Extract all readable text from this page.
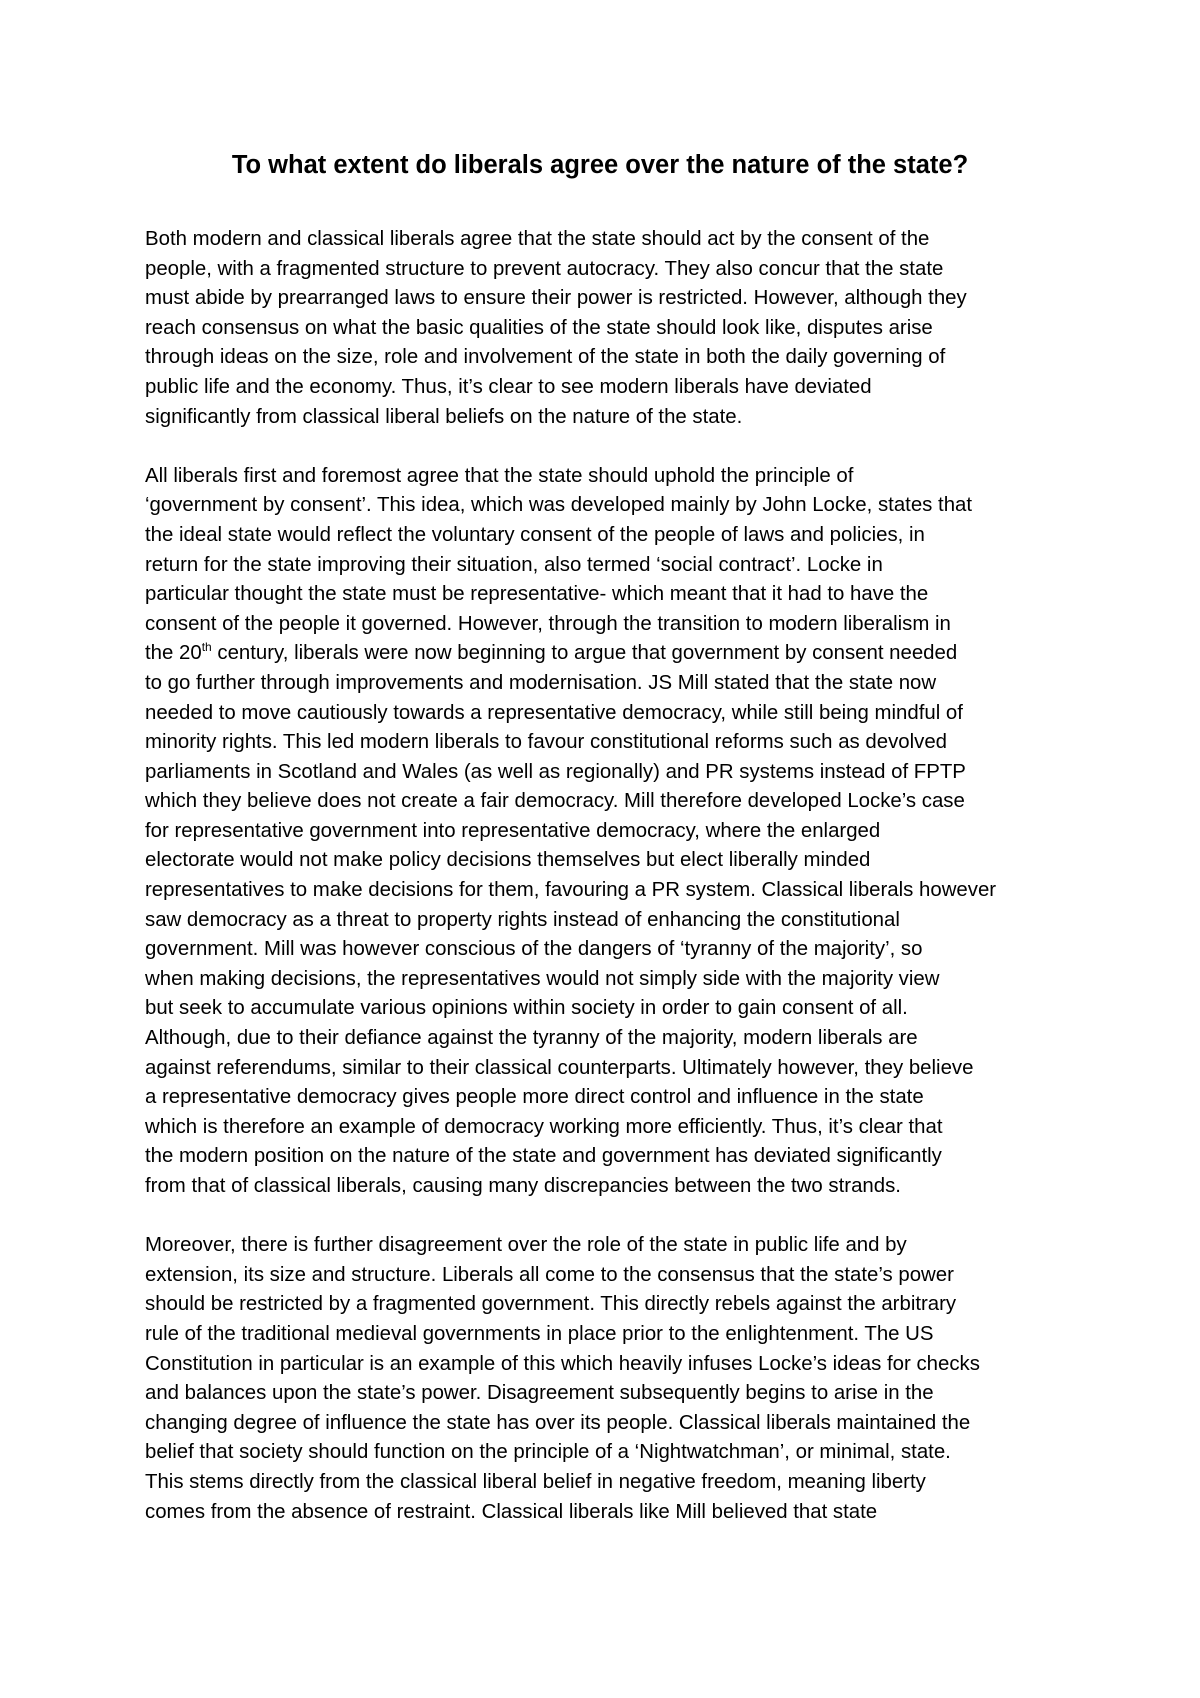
To what extent do liberals agree over the nature of the state?

Both modern and classical liberals agree that the state should act by the consent of the
people, with a fragmented structure to prevent autocracy. They also concur that the state
must abide by prearranged laws to ensure their power is restricted. However, although they
reach consensus on what the basic qualities of the state should look like, disputes arise
through ideas on the size, role and involvement of the state in both the daily governing of
public life and the economy. Thus, it’s clear to see modern liberals have deviated
significantly from classical liberal beliefs on the nature of the state.

All liberals first and foremost agree that the state should uphold the principle of
‘government by consent’. This idea, which was developed mainly by John Locke, states that
the ideal state would reflect the voluntary consent of the people of laws and policies, in
return for the state improving their situation, also termed ‘social contract’. Locke in
particular thought the state must be representative- which meant that it had to have the
consent of the people it governed. However, through the transition to modern liberalism in
the 20th century, liberals were now beginning to argue that government by consent needed
to go further through improvements and modernisation. JS Mill stated that the state now
needed to move cautiously towards a representative democracy, while still being mindful of
minority rights. This led modern liberals to favour constitutional reforms such as devolved
parliaments in Scotland and Wales (as well as regionally) and PR systems instead of FPTP
which they believe does not create a fair democracy. Mill therefore developed Locke’s case
for representative government into representative democracy, where the enlarged
electorate would not make policy decisions themselves but elect liberally minded
representatives to make decisions for them, favouring a PR system. Classical liberals however
saw democracy as a threat to property rights instead of enhancing the constitutional
government. Mill was however conscious of the dangers of ‘tyranny of the majority’, so
when making decisions, the representatives would not simply side with the majority view
but seek to accumulate various opinions within society in order to gain consent of all.
Although, due to their defiance against the tyranny of the majority, modern liberals are
against referendums, similar to their classical counterparts. Ultimately however, they believe
a representative democracy gives people more direct control and influence in the state
which is therefore an example of democracy working more efficiently. Thus, it’s clear that
the modern position on the nature of the state and government has deviated significantly
from that of classical liberals, causing many discrepancies between the two strands.

Moreover, there is further disagreement over the role of the state in public life and by
extension, its size and structure. Liberals all come to the consensus that the state’s power
should be restricted by a fragmented government. This directly rebels against the arbitrary
rule of the traditional medieval governments in place prior to the enlightenment. The US
Constitution in particular is an example of this which heavily infuses Locke’s ideas for checks
and balances upon the state’s power. Disagreement subsequently begins to arise in the
changing degree of influence the state has over its people. Classical liberals maintained the
belief that society should function on the principle of a ‘Nightwatchman’, or minimal, state.
This stems directly from the classical liberal belief in negative freedom, meaning liberty
comes from the absence of restraint. Classical liberals like Mill believed that state
